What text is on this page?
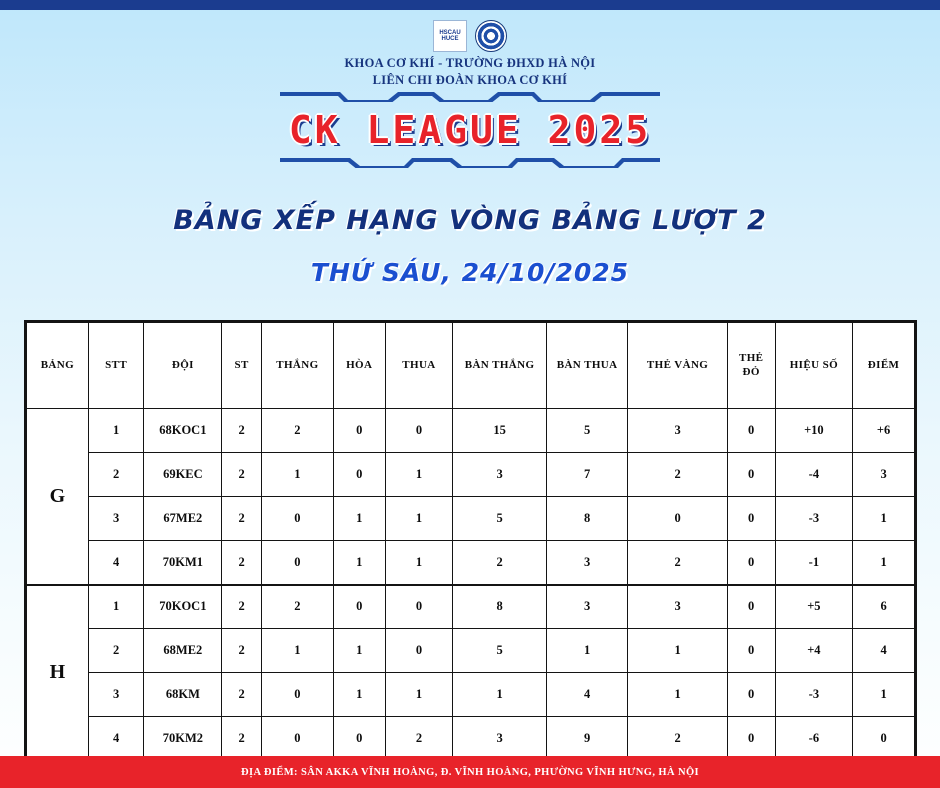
HSCAU HUCE
KHOA CƠ KHÍ - TRƯỜNG ĐHXD HÀ NỘI
LIÊN CHI ĐOÀN KHOA CƠ KHÍ
CK LEAGUE 2025
BẢNG XẾP HẠNG VÒNG BẢNG LƯỢT 2
THỨ SÁU, 24/10/2025
BẢNG	STT	ĐỘI	ST	THẮNG	HÒA	THUA	BÀN THẮNG	BÀN THUA	THẺ VÀNG	THẺ ĐỎ	HIỆU SỐ	ĐIỂM
G	1	68KOC1	2	2	0	0	15	5	3	0	+10	+6
	2	69KEC	2	1	0	1	3	7	2	0	-4	3
	3	67ME2	2	0	1	1	5	8	0	0	-3	1
	4	70KM1	2	0	1	1	2	3	2	0	-1	1
H	1	70KOC1	2	2	0	0	8	3	3	0	+5	6
	2	68ME2	2	1	1	0	5	1	1	0	+4	4
	3	68KM	2	0	1	1	1	4	1	0	-3	1
	4	70KM2	2	0	0	2	3	9	2	0	-6	0
ĐỊA ĐIỂM: SÂN AKKA VĨNH HOÀNG, Đ. VĨNH HOÀNG, PHƯỜNG VĨNH HƯNG, HÀ NỘI
